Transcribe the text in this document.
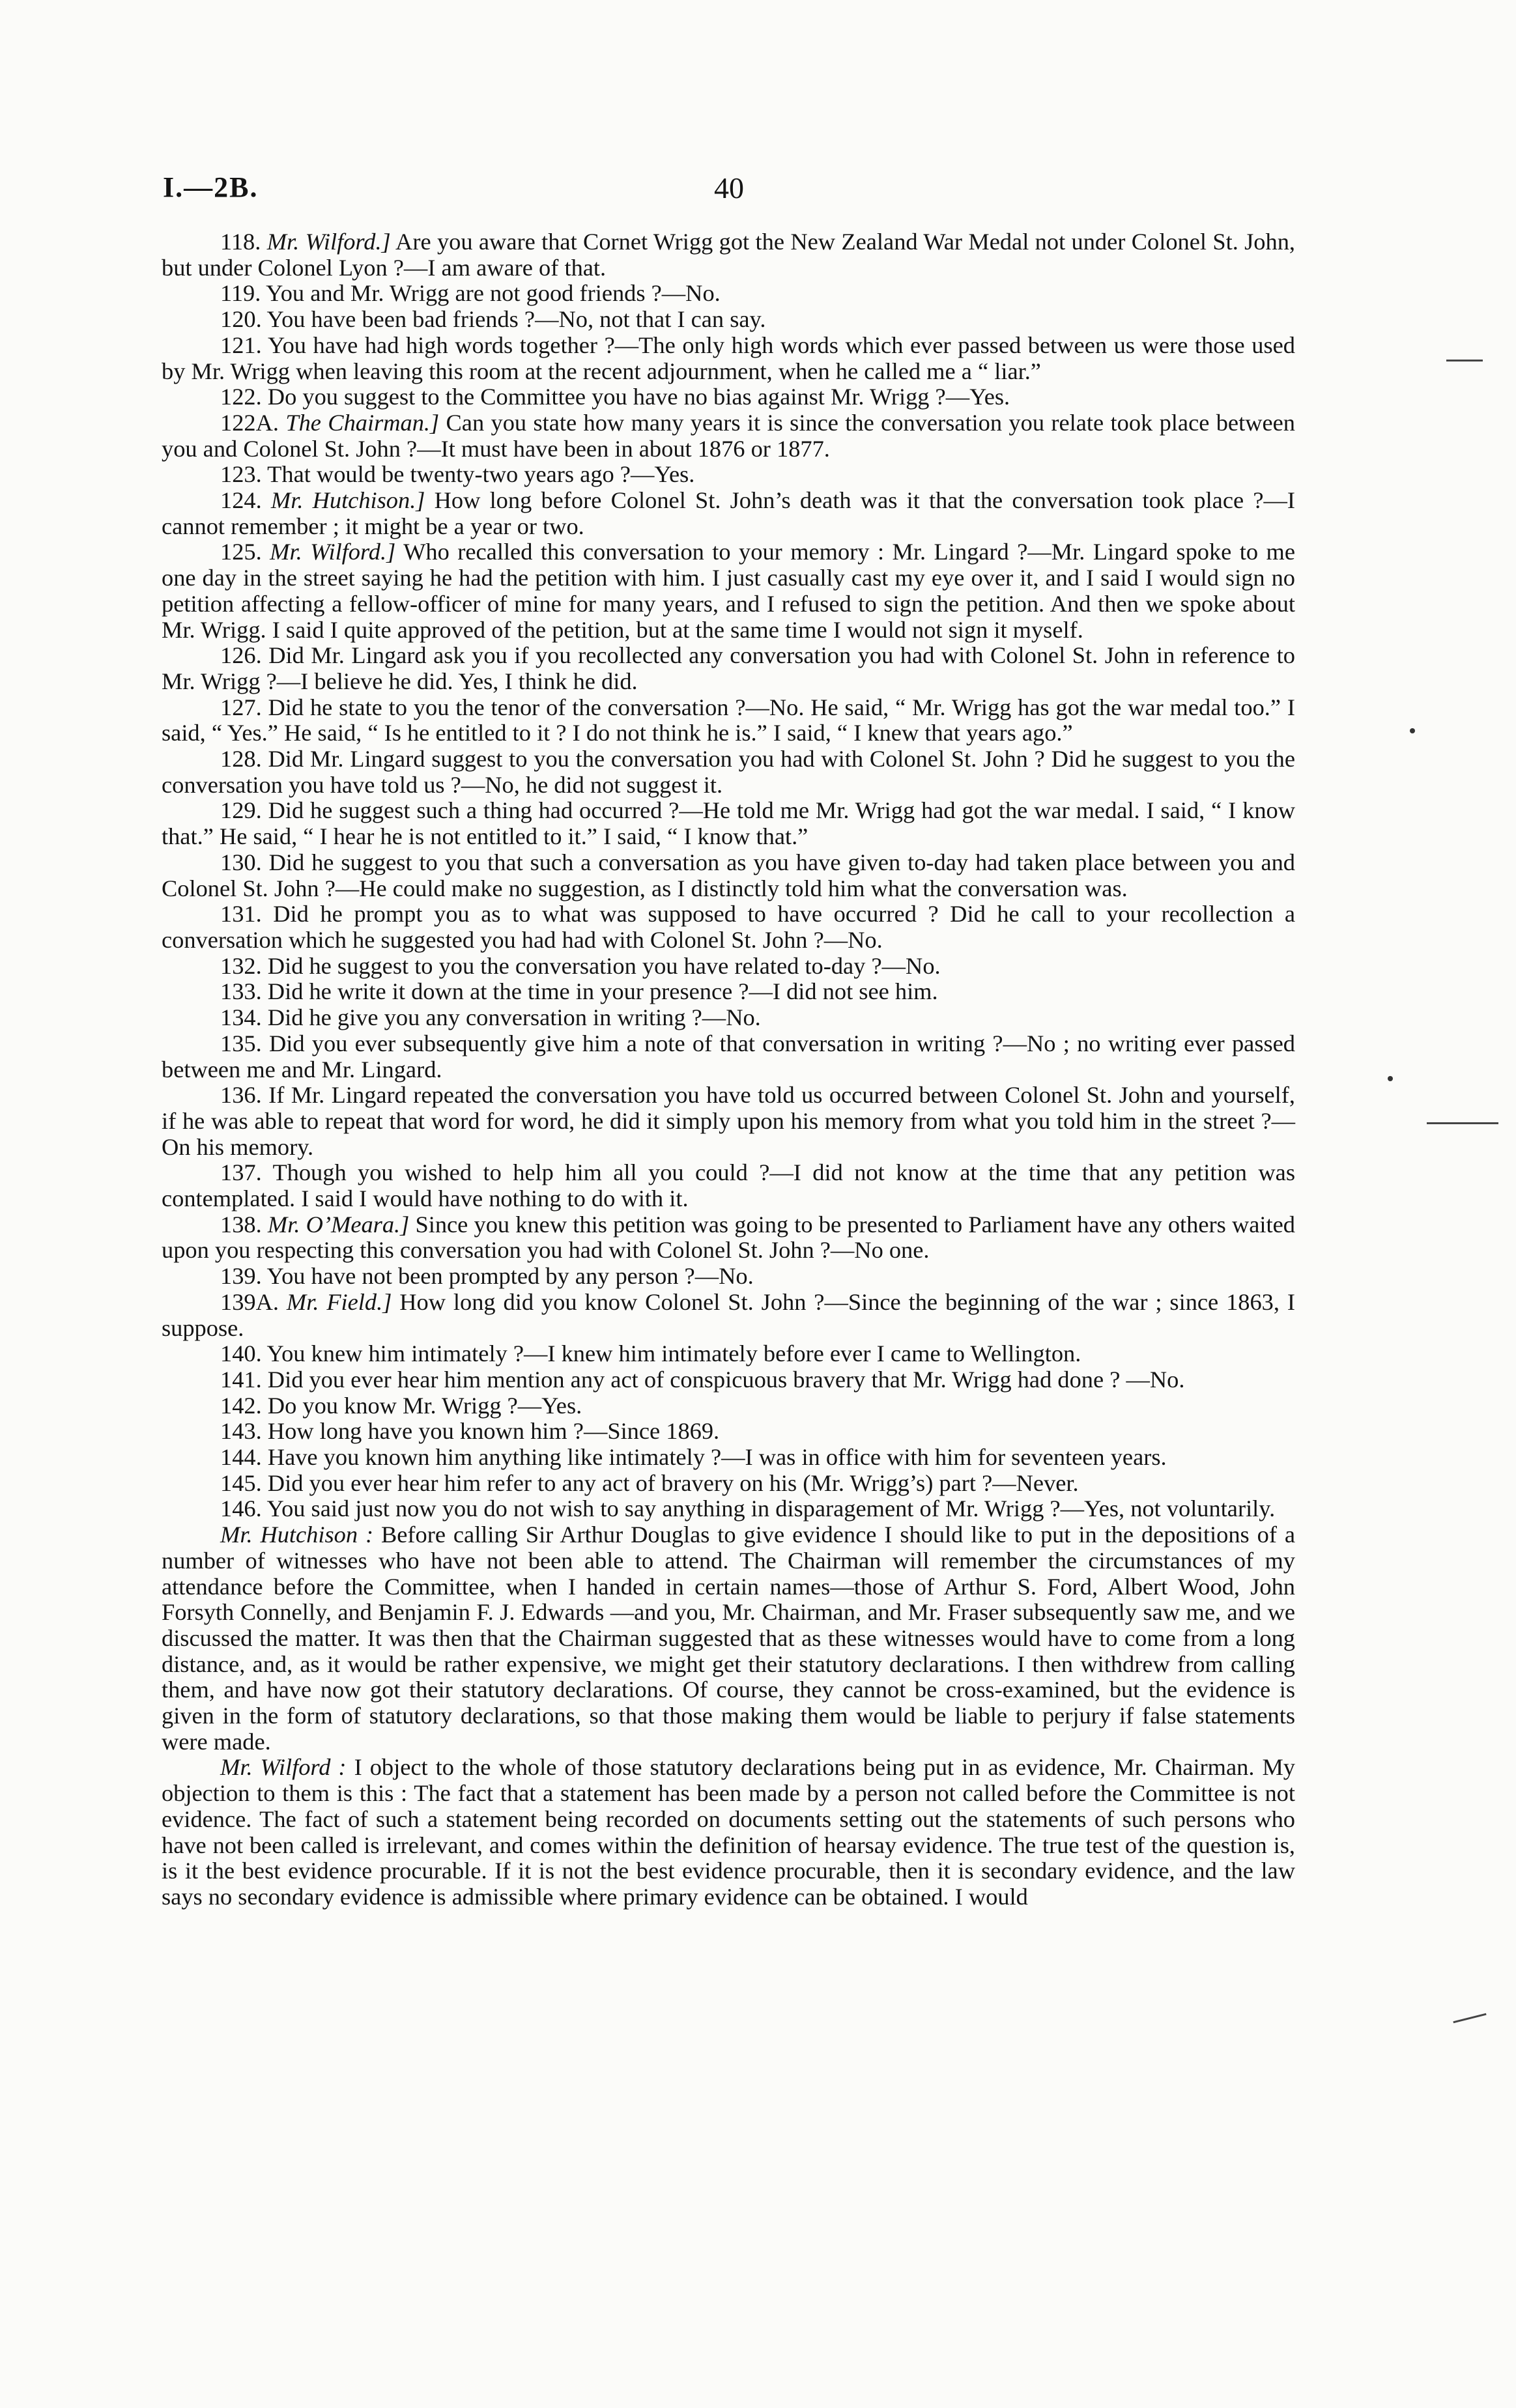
I.—2B.	40

118. Mr. Wilford.] Are you aware that Cornet Wrigg got the New Zealand War Medal not under Colonel St. John, but under Colonel Lyon ?—I am aware of that.

119. You and Mr. Wrigg are not good friends ?—No.

120. You have been bad friends ?—No, not that I can say.

121. You have had high words together ?—The only high words which ever passed between us were those used by Mr. Wrigg when leaving this room at the recent adjournment, when he called me a “ liar.”

122. Do you suggest to the Committee you have no bias against Mr. Wrigg ?—Yes.

122A. The Chairman.] Can you state how many years it is since the conversation you relate took place between you and Colonel St. John ?—It must have been in about 1876 or 1877.

123. That would be twenty-two years ago ?—Yes.

124. Mr. Hutchison.] How long before Colonel St. John’s death was it that the conversation took place ?—I cannot remember ; it might be a year or two.

125. Mr. Wilford.] Who recalled this conversation to your memory : Mr. Lingard ?—Mr. Lingard spoke to me one day in the street saying he had the petition with him. I just casually cast my eye over it, and I said I would sign no petition affecting a fellow-officer of mine for many years, and I refused to sign the petition. And then we spoke about Mr. Wrigg. I said I quite approved of the petition, but at the same time I would not sign it myself.

126. Did Mr. Lingard ask you if you recollected any conversation you had with Colonel St. John in reference to Mr. Wrigg ?—I believe he did. Yes, I think he did.

127. Did he state to you the tenor of the conversation ?—No. He said, “ Mr. Wrigg has got the war medal too.” I said, “ Yes.” He said, “ Is he entitled to it ? I do not think he is.” I said, “ I knew that years ago.”

128. Did Mr. Lingard suggest to you the conversation you had with Colonel St. John ? Did he suggest to you the conversation you have told us ?—No, he did not suggest it.

129. Did he suggest such a thing had occurred ?—He told me Mr. Wrigg had got the war medal. I said, “ I know that.” He said, “ I hear he is not entitled to it.” I said, “ I know that.”

130. Did he suggest to you that such a conversation as you have given to-day had taken place between you and Colonel St. John ?—He could make no suggestion, as I distinctly told him what the conversation was.

131. Did he prompt you as to what was supposed to have occurred ? Did he call to your recollection a conversation which he suggested you had had with Colonel St. John ?—No.

132. Did he suggest to you the conversation you have related to-day ?—No.

133. Did he write it down at the time in your presence ?—I did not see him.

134. Did he give you any conversation in writing ?—No.

135. Did you ever subsequently give him a note of that conversation in writing ?—No ; no writing ever passed between me and Mr. Lingard.

136. If Mr. Lingard repeated the conversation you have told us occurred between Colonel St. John and yourself, if he was able to repeat that word for word, he did it simply upon his memory from what you told him in the street ?—On his memory.

137. Though you wished to help him all you could ?—I did not know at the time that any petition was contemplated. I said I would have nothing to do with it.

138. Mr. O’Meara.] Since you knew this petition was going to be presented to Parliament have any others waited upon you respecting this conversation you had with Colonel St. John ?—No one.

139. You have not been prompted by any person ?—No.

139A. Mr. Field.] How long did you know Colonel St. John ?—Since the beginning of the war ; since 1863, I suppose.

140. You knew him intimately ?—I knew him intimately before ever I came to Wellington.

141. Did you ever hear him mention any act of conspicuous bravery that Mr. Wrigg had done ? —No.

142. Do you know Mr. Wrigg ?—Yes.

143. How long have you known him ?—Since 1869.

144. Have you known him anything like intimately ?—I was in office with him for seventeen years.

145. Did you ever hear him refer to any act of bravery on his (Mr. Wrigg’s) part ?—Never.

146. You said just now you do not wish to say anything in disparagement of Mr. Wrigg ?—Yes, not voluntarily.

Mr. Hutchison : Before calling Sir Arthur Douglas to give evidence I should like to put in the depositions of a number of witnesses who have not been able to attend. The Chairman will remember the circumstances of my attendance before the Committee, when I handed in certain names—those of Arthur S. Ford, Albert Wood, John Forsyth Connelly, and Benjamin F. J. Edwards —and you, Mr. Chairman, and Mr. Fraser subsequently saw me, and we discussed the matter. It was then that the Chairman suggested that as these witnesses would have to come from a long distance, and, as it would be rather expensive, we might get their statutory declarations. I then withdrew from calling them, and have now got their statutory declarations. Of course, they cannot be cross-examined, but the evidence is given in the form of statutory declarations, so that those making them would be liable to perjury if false statements were made.

Mr. Wilford : I object to the whole of those statutory declarations being put in as evidence, Mr. Chairman. My objection to them is this : The fact that a statement has been made by a person not called before the Committee is not evidence. The fact of such a statement being recorded on documents setting out the statements of such persons who have not been called is irrelevant, and comes within the definition of hearsay evidence. The true test of the question is, is it the best evidence procurable. If it is not the best evidence procurable, then it is secondary evidence, and the law says no secondary evidence is admissible where primary evidence can be obtained. I would
